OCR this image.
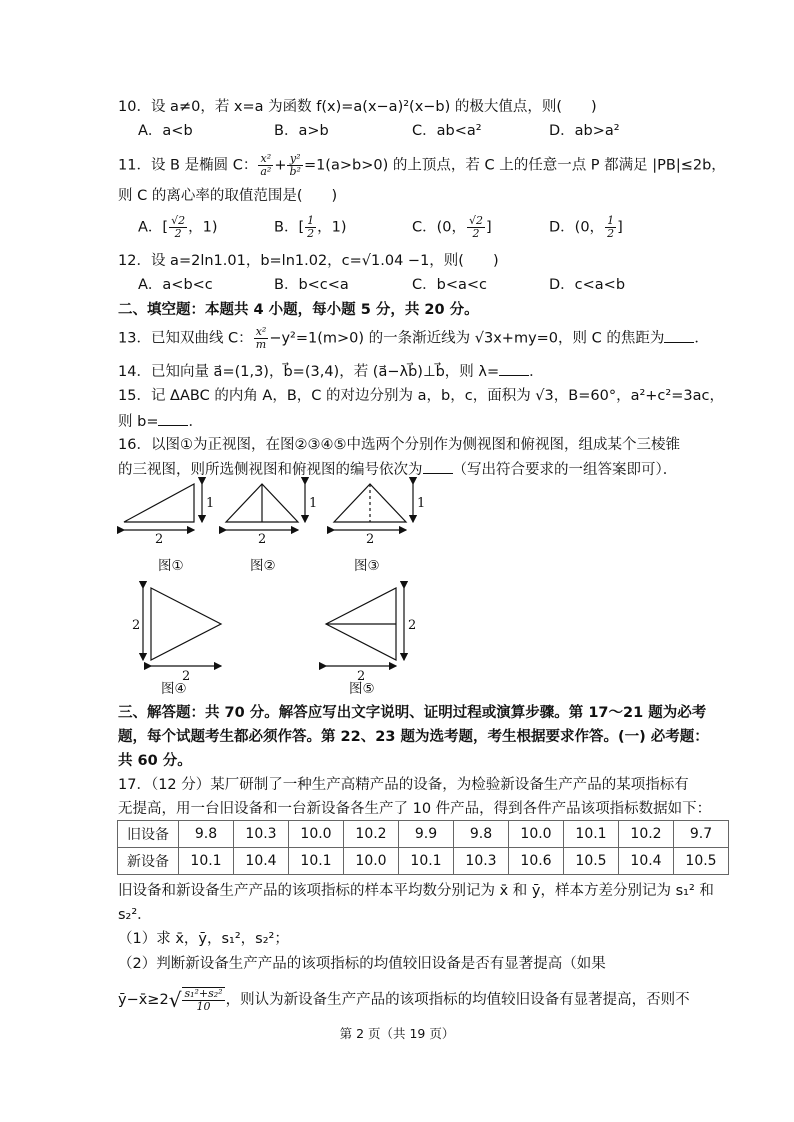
10．设 a≠0，若 x=a 为函数 f(x)=a(x−a)²(x−b) 的极大值点，则(　　)
A．a<b	B．a>b	C．ab<a²	D．ab>a²
11．设 B 是椭圆 C： $\frac{\text{x²}}{\text{a²}} + \frac{\text{y²}}{\text{b²}} =1(a>b>0)$ 的上顶点，若 C 上的任意一点 P 都满足 |PB|≤2b，
则 C 的离心率的取值范围是(　　)
A．[ $\frac{√2}{2}$ ，1)	B．[ $\frac{1}{2}$ ，1)	C．(0， $\frac{√2}{2}$ ]	D．(0， $\frac{1}{2}$ ]
12．设 a=2ln1.01，b=ln1.02，c=√1.04 −1，则(　　)
A．a<b<c	B．b<c<a	C．b<a<c	D．c<a<b
二、填空题：本题共 4 小题，每小题 5 分，共 20 分。
13．已知双曲线 C： $\frac{\text{x²}}{m} -y^2=1(m>0)$ 的一条渐近线为 √3x+my=0，则 C 的焦距为 ．
14．已知向量 a⃗=(1,3)，b⃗=(3,4)，若 (a⃗−λb⃗)⊥b⃗，则 λ= ．
15．记 ΔABC 的内角 A，B，C 的对边分别为 a，b，c，面积为 √3，B=60°，a²+c²=3ac，
则 b= ．
16．以图①为正视图，在图②③④⑤中选两个分别作为侧视图和俯视图，组成某个三棱锥
的三视图，则所选侧视图和俯视图的编号依次为 （写出符合要求的一组答案即可）．
1
2
1
2
1
2
2
2
2
2
图①	图②	图③
图④	图⑤
三、解答题：共 70 分。解答应写出文字说明、证明过程或演算步骤。第 17～21 题为必考
题，每个试题考生都必须作答。第 22、23 题为选考题，考生根据要求作答。(一) 必考题：
共 60 分。
17．（12 分）某厂研制了一种生产高精产品的设备，为检验新设备生产产品的某项指标有
无提高，用一台旧设备和一台新设备各生产了 10 件产品，得到各件产品该项指标数据如下：
旧设备	9.8	10.3	10.0	10.2	9.9	9.8	10.0	10.1	10.2	9.7
新设备	10.1	10.4	10.1	10.0	10.1	10.3	10.6	10.5	10.4	10.5
旧设备和新设备生产产品的该项指标的样本平均数分别记为 x̄ 和 ȳ，样本方差分别记为 s₁² 和
s₂²．
（1）求 x̄，ȳ，s₁²，s₂²；
（2）判断新设备生产产品的该项指标的均值较旧设备是否有显著提高（如果
ȳ−x̄≥2√ $\frac{\text{s₁²+s₂²}}{10}$ ，则认为新设备生产产品的该项指标的均值较旧设备有显著提高，否则不
第 2 页（共 19 页）
